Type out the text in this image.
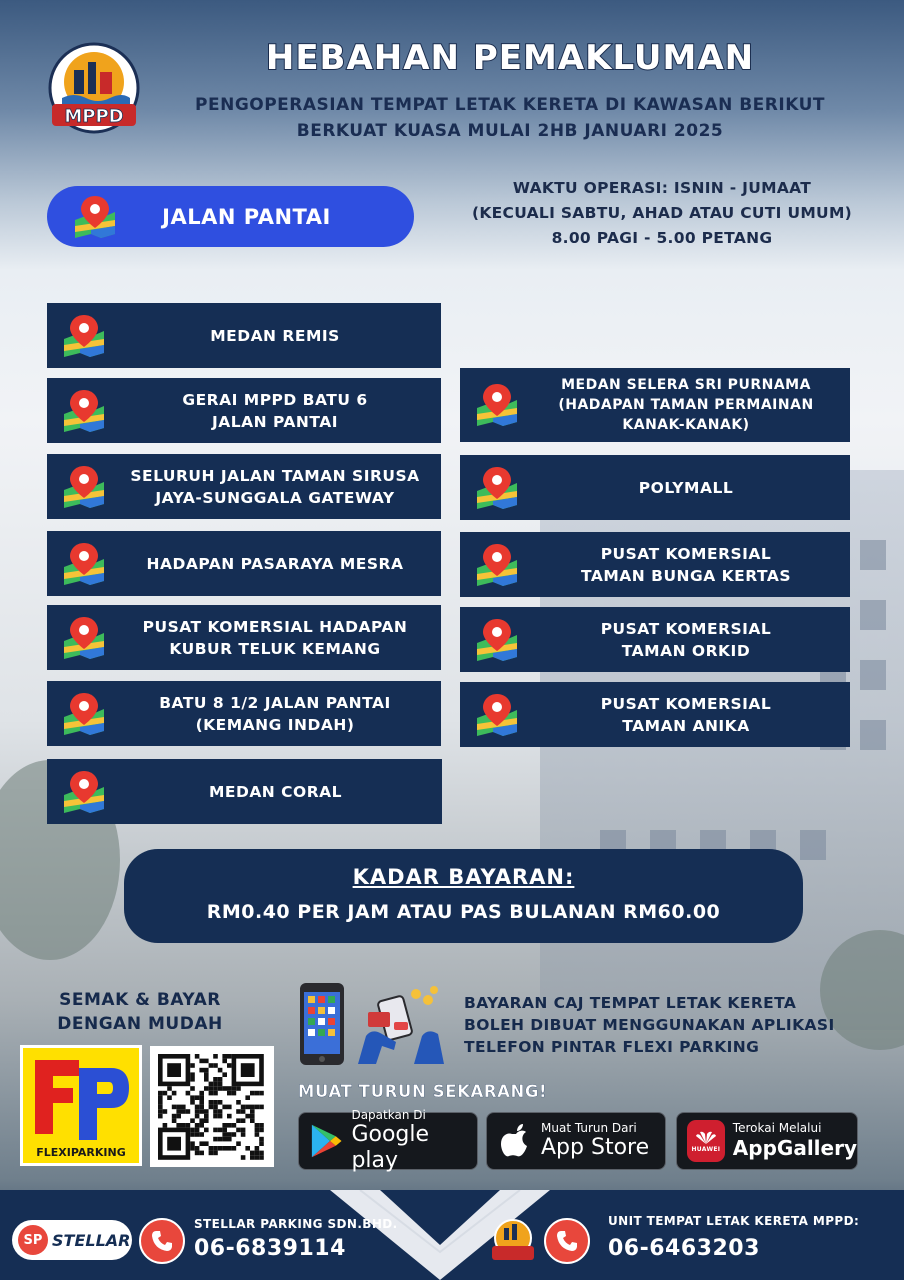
MPPD
HEBAHAN PEMAKLUMAN
PENGOPERASIAN TEMPAT LETAK KERETA DI KAWASAN BERIKUT
BERKUAT KUASA MULAI 2HB JANUARI 2025
JALAN PANTAI
WAKTU OPERASI: ISNIN - JUMAAT
(KECUALI SABTU, AHAD ATAU CUTI UMUM)
8.00 PAGI - 5.00 PETANG
KADAR BAYARAN:
RM0.40 PER JAM ATAU PAS BULANAN RM60.00
SEMAK & BAYAR
DENGAN MUDAH
FLEXIPARKING
BAYARAN CAJ TEMPAT LETAK KERETA
BOLEH DIBUAT MENGGUNAKAN APLIKASI
TELEFON PINTAR FLEXI PARKING
MUAT TURUN SEKARANG!
Dapatkan Di
Google play
Muat Turun Dari
App Store	HUAWEI
Terokai Melalui
AppGallery
SP STELLAR
STELLAR PARKING SDN.BHD.
06-6839114
UNIT TEMPAT LETAK KERETA MPPD:
06-6463203
MEDAN REMIS
GERAI MPPD BATU 6
JALAN PANTAI
SELURUH JALAN TAMAN SIRUSA
JAYA-SUNGGALA GATEWAY
HADAPAN PASARAYA MESRA
PUSAT KOMERSIAL HADAPAN
KUBUR TELUK KEMANG
BATU 8 1/2 JALAN PANTAI
(KEMANG INDAH)
MEDAN CORAL
MEDAN SELERA SRI PURNAMA
(HADAPAN TAMAN PERMAINAN
KANAK-KANAK)
POLYMALL
PUSAT KOMERSIAL
TAMAN BUNGA KERTAS
PUSAT KOMERSIAL
TAMAN ORKID
PUSAT KOMERSIAL
TAMAN ANIKA
